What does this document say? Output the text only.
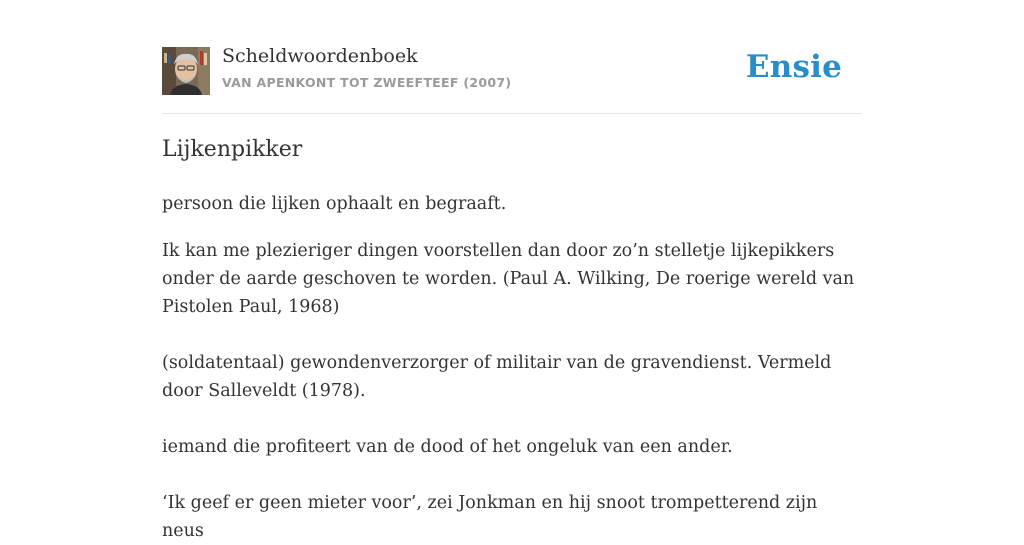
Scheldwoordenboek
VAN APENKONT TOT ZWEEFTEEF (2007)	Ensie
Lijkenpikker

persoon die lijken ophaalt en begraaft.

Ik kan me plezieriger dingen voorstellen dan door zo’n stelletje lijkepikkers onder de aarde geschoven te worden. (Paul A. Wilking, De roerige wereld van Pistolen Paul, 1968)

(soldatentaal) gewondenverzorger of militair van de gravendienst. Vermeld door Salleveldt (1978).

iemand die profiteert van de dood of het ongeluk van een ander.

‘Ik geef er geen mieter voor’, zei Jonkman en hij snoot trompetterend zijn neus
